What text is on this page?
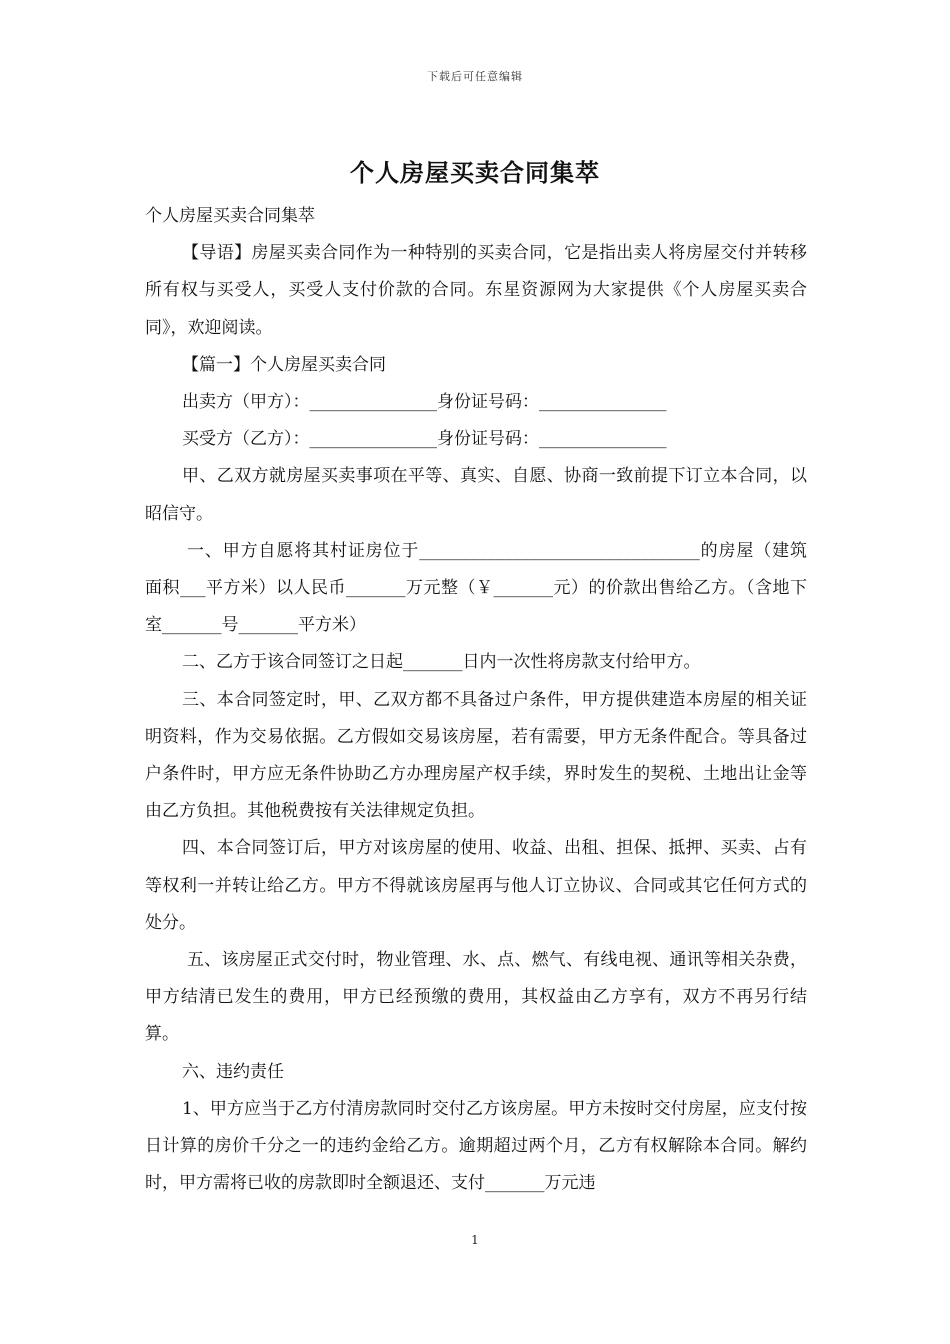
下载后可任意编辑
个人房屋买卖合同集萃

个人房屋买卖合同集萃

【导语】房屋买卖合同作为一种特别的买卖合同，它是指出卖人将房屋交付并转移所有权与买受人，买受人支付价款的合同。东星资源网为大家提供《个人房屋买卖合同》，欢迎阅读。

【篇一】个人房屋买卖合同

出卖方（甲方）：_______________身份证号码：_______________

买受方（乙方）：_______________身份证号码：_______________

甲、乙双方就房屋买卖事项在平等、真实、自愿、协商一致前提下订立本合同，以昭信守。

一、甲方自愿将其村证房位于_________________________________的房屋（建筑面积___平方米）以人民币_______万元整（￥_______元）的价款出售给乙方。（含地下室_______号_______平方米）

二、乙方于该合同签订之日起_______日内一次性将房款支付给甲方。

三、本合同签定时，甲、乙双方都不具备过户条件，甲方提供建造本房屋的相关证明资料，作为交易依据。乙方假如交易该房屋，若有需要，甲方无条件配合。等具备过户条件时，甲方应无条件协助乙方办理房屋产权手续，界时发生的契税、土地出让金等由乙方负担。其他税费按有关法律规定负担。

四、本合同签订后，甲方对该房屋的使用、收益、出租、担保、抵押、买卖、占有等权利一并转让给乙方。甲方不得就该房屋再与他人订立协议、合同或其它任何方式的处分。

五、该房屋正式交付时，物业管理、水、点、燃气、有线电视、通讯等相关杂费，甲方结清已发生的费用，甲方已经预缴的费用，其权益由乙方享有，双方不再另行结算。

六、违约责任

1、甲方应当于乙方付清房款同时交付乙方该房屋。甲方未按时交付房屋，应支付按日计算的房价千分之一的违约金给乙方。逾期超过两个月，乙方有权解除本合同。解约时，甲方需将已收的房款即时全额退还、支付_______万元违

1
